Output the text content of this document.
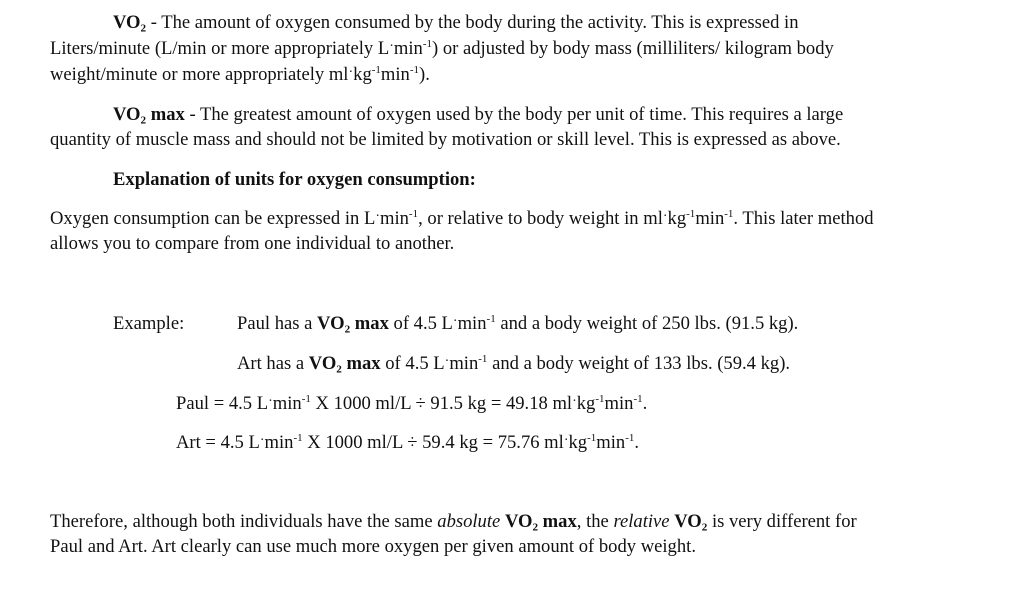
VO₂ - The amount of oxygen consumed by the body during the activity. This is expressed in
Liters/minute (L/min or more appropriately $L^\cdot\min^{-1}$) or adjusted by body mass (milliliters/ kilogram body
weight/minute or more appropriately $ml^\cdot kg^{-1}\min^{-1}$).
VO₂ max - The greatest amount of oxygen used by the body per unit of time. This requires a large
quantity of muscle mass and should not be limited by motivation or skill level. This is expressed as above.
Explanation of units for oxygen consumption:
Oxygen consumption can be expressed in $L^\cdot\min^{-1}$, or relative to body weight in $ml^\cdot kg^{-1}\min^{-1}$. This later method
allows you to compare from one individual to another.
Example:	Paul has a VO₂ max of 4.5 $L^\cdot\min^{-1}$ and a body weight of 250 lbs. (91.5 kg).
Art has a VO₂ max of 4.5 $L^\cdot\min^{-1}$ and a body weight of 133 lbs. (59.4 kg).
Paul = 4.5 $L^\cdot\min^{-1}$ X 1000 ml/L ÷ 91.5 kg = 49.18 $ml^\cdot kg^{-1}\min^{-1}$.
Art = 4.5 $L^\cdot\min^{-1}$ X 1000 ml/L ÷ 59.4 kg = 75.76 $ml^\cdot kg^{-1}\min^{-1}$.
Therefore, although both individuals have the same absolute VO₂ max, the relative VO₂ is very different for
Paul and Art. Art clearly can use much more oxygen per given amount of body weight.
